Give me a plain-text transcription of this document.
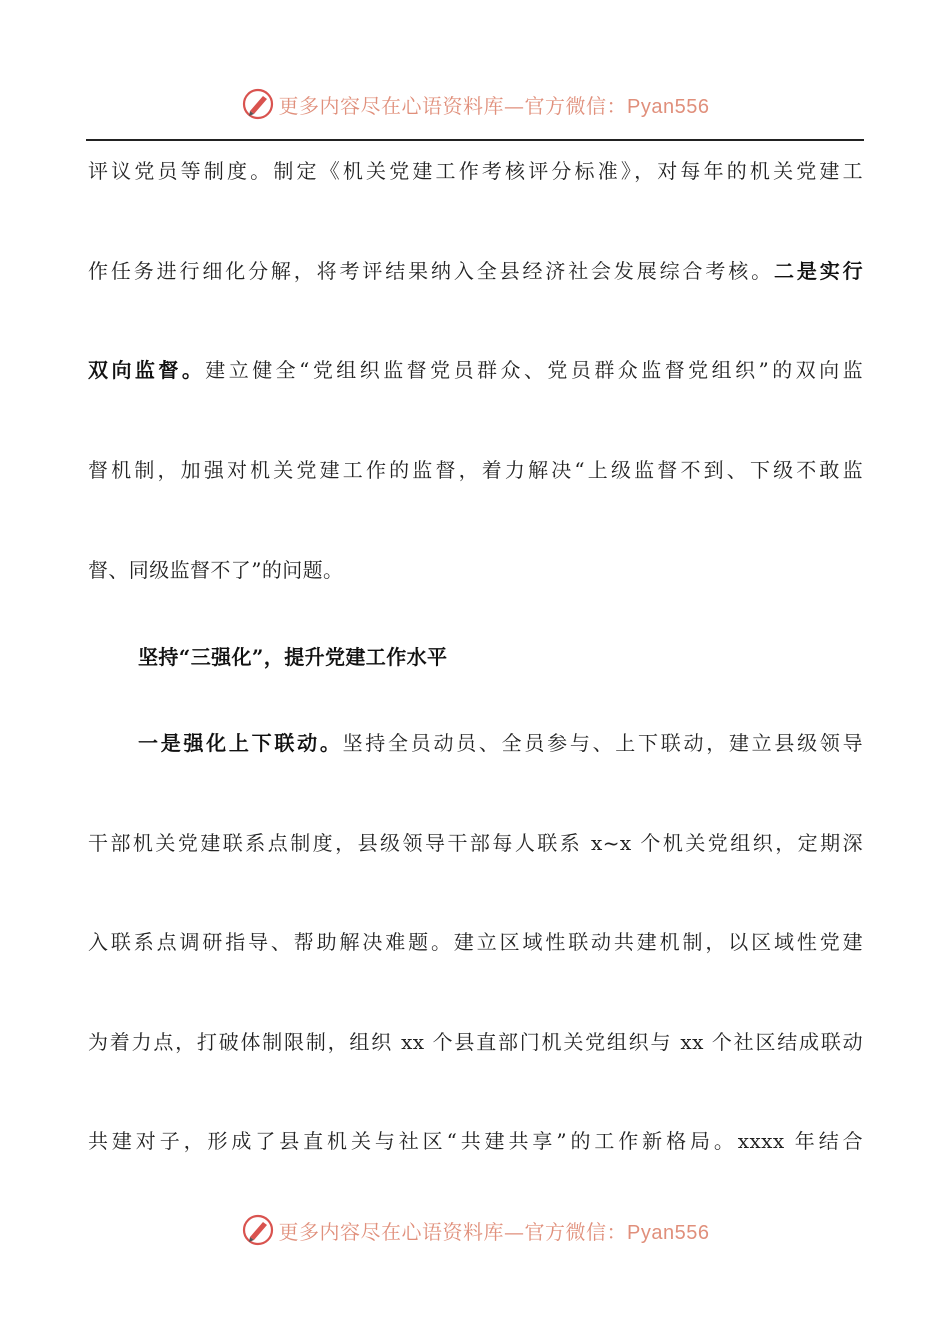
更多内容尽在心语资料库—官方微信：Pyan556
评议党员等制度。制定《机关党建工作考核评分标准》，对每年的机关党建工
作任务进行细化分解，将考评结果纳入全县经济社会发展综合考核。二是实行
双向监督。建立健全“党组织监督党员群众、党员群众监督党组织”的双向监
督机制，加强对机关党建工作的监督，着力解决“上级监督不到、下级不敢监
督、同级监督不了”的问题。
坚持“三强化”，提升党建工作水平
一是强化上下联动。坚持全员动员、全员参与、上下联动，建立县级领导
干部机关党建联系点制度，县级领导干部每人联系 x~x 个机关党组织，定期深
入联系点调研指导、帮助解决难题。建立区域性联动共建机制，以区域性党建
为着力点，打破体制限制，组织 xx 个县直部门机关党组织与 xx 个社区结成联动
共建对子，形成了县直机关与社区“共建共享”的工作新格局。xxxx 年结合
更多内容尽在心语资料库—官方微信：Pyan556
